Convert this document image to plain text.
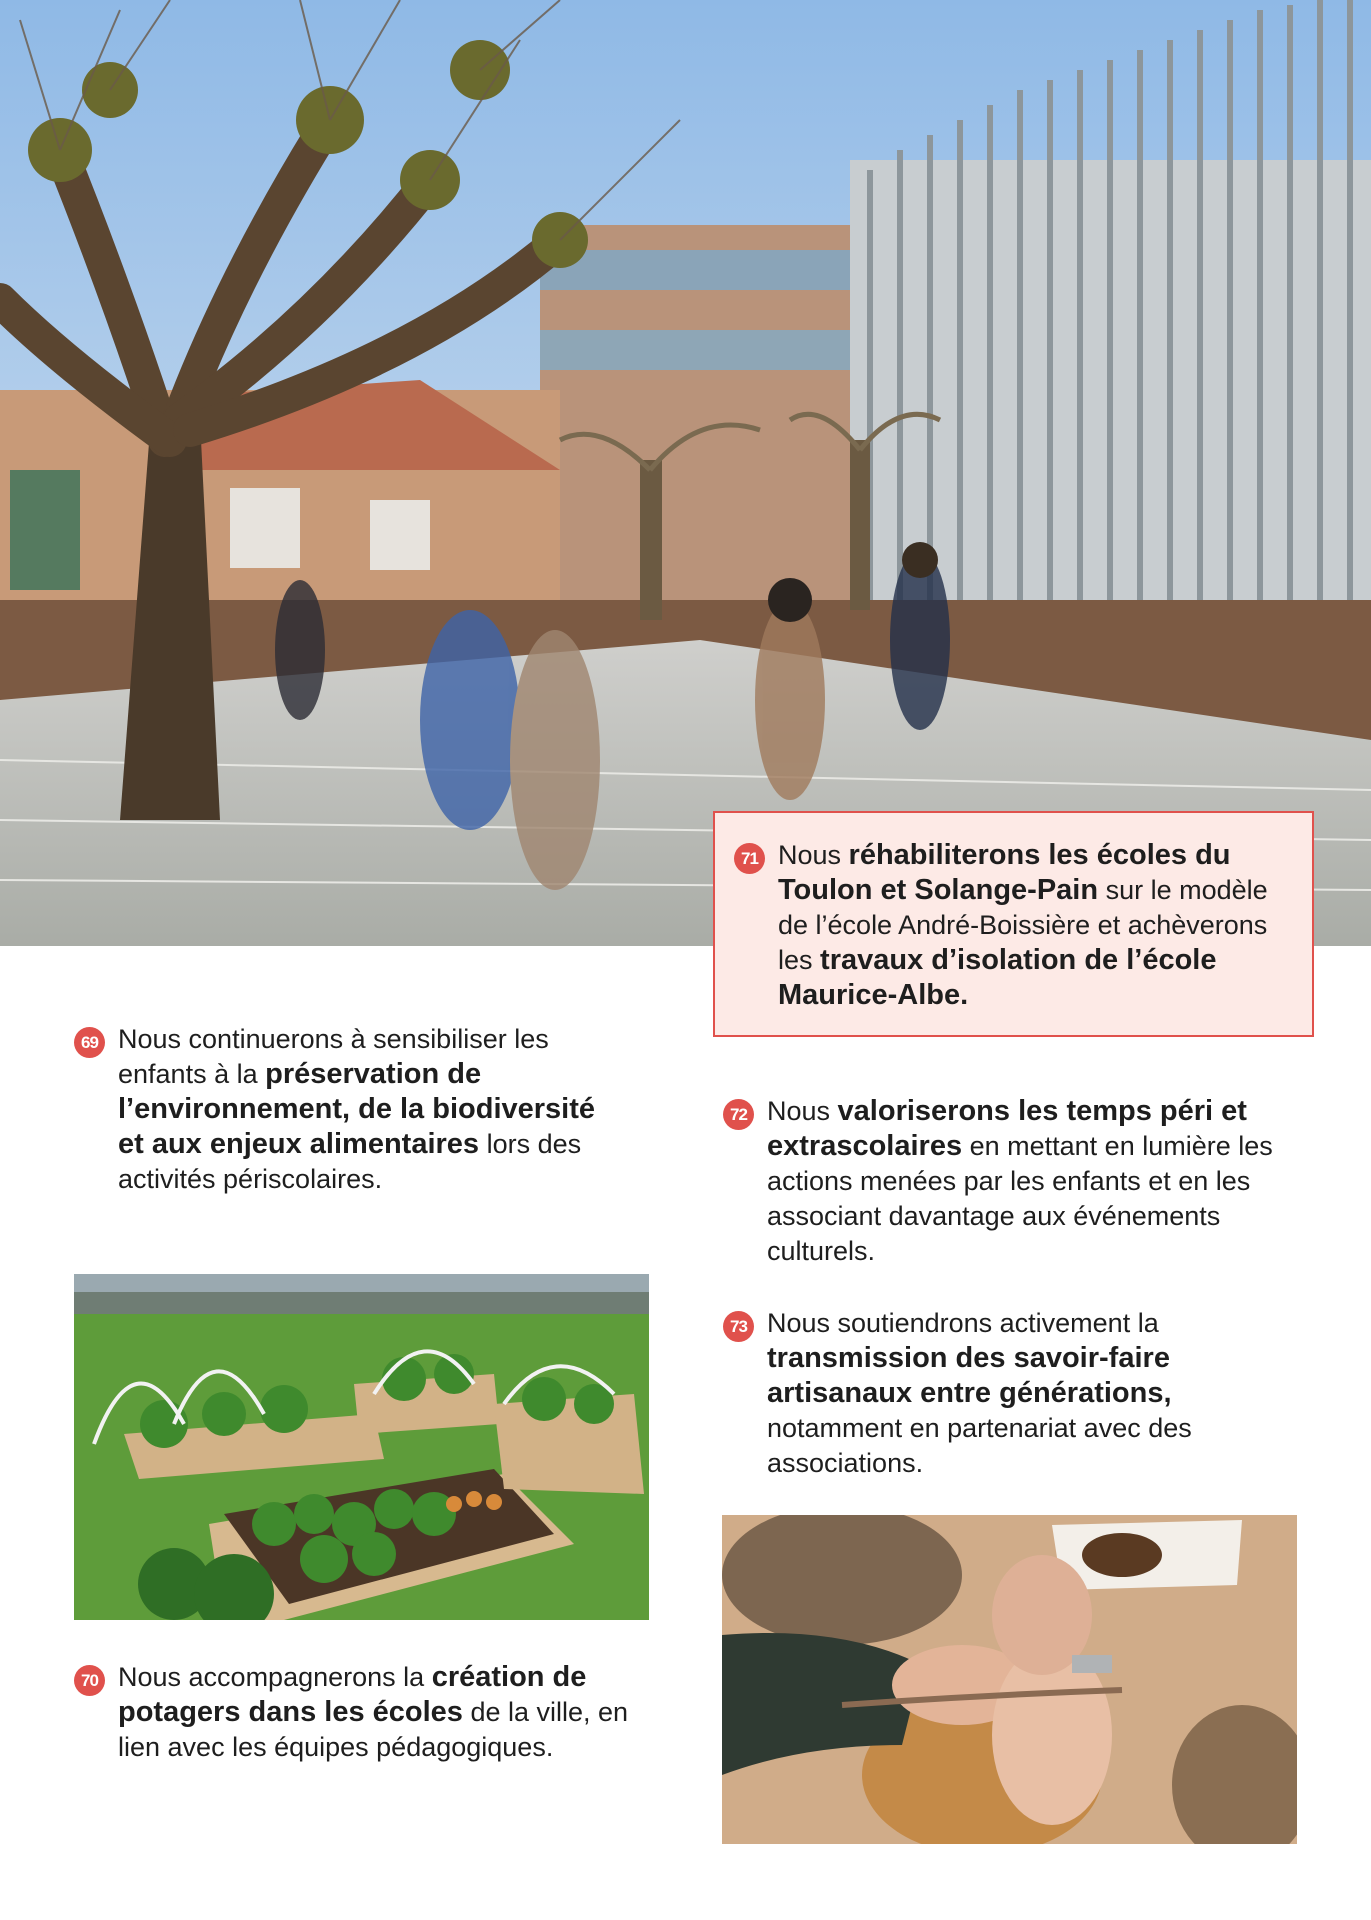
71 Nous réhabiliterons les écoles du Toulon et Solange-Pain sur le modèle de l’école André-Boissière et achèverons les travaux d’isolation de l’école Maurice-Albe.
69 Nous continuerons à sensibiliser les enfants à la préservation de l’environnement, de la biodiversité et aux enjeux alimentaires lors des activités périscolaires.
70 Nous accompagnerons la création de potagers dans les écoles de la ville, en lien avec les équipes pédagogiques.
72 Nous valoriserons les temps péri et extrascolaires en mettant en lumière les actions menées par les enfants et en les associant davantage aux événements culturels.
73 Nous soutiendrons activement la transmission des savoir-faire artisanaux entre générations, notamment en partenariat avec des associations.
